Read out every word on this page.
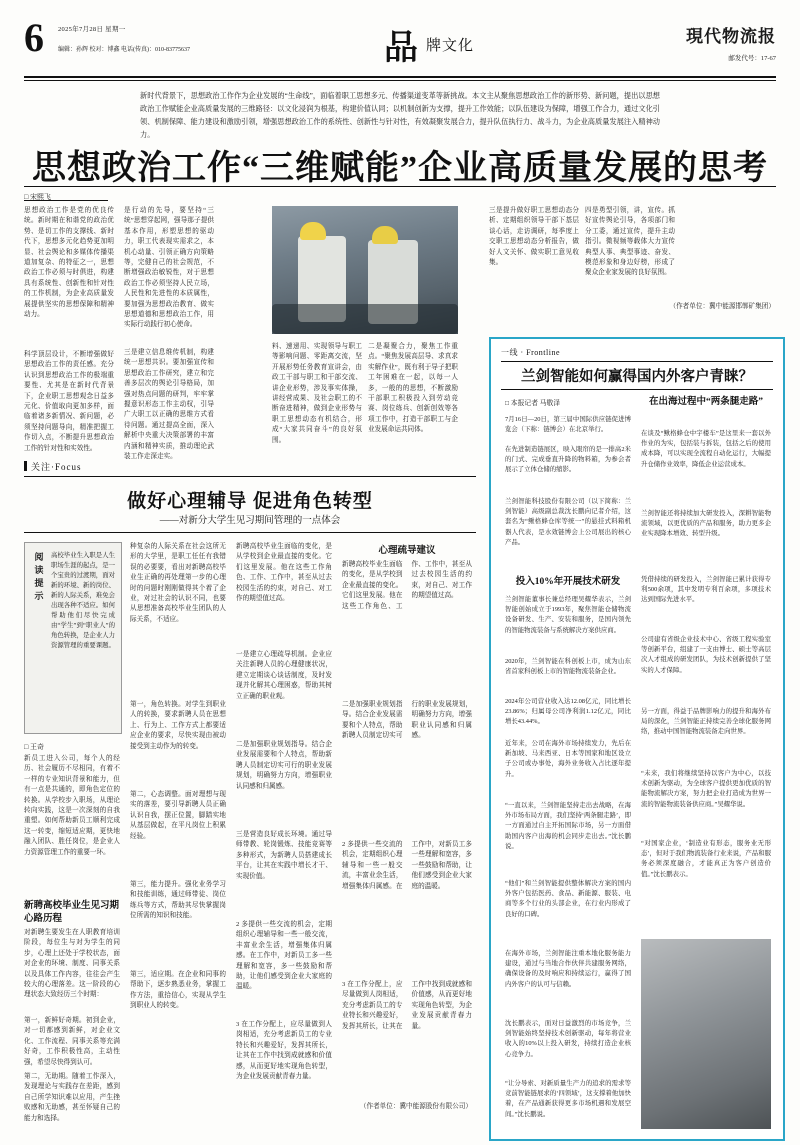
6 2025年7月28日 星期一
编辑：孙辉 校对：博鑫 电话(传真)：010-83775637	品 牌文化	現代物流报
邮发代号：17-67
新时代背景下，思想政治工作作为企业发展的“生命线”，面临着职工思想多元、传播渠道变革等新挑战。本文主从聚焦思想政治工作的新形势、新问题，提出以思想政治工作赋能企业高质量发展的三维路径：以文化浸润为根基，构建价值认同；以机制创新为支撑，提升工作效能；以队伍建设为保障，增强工作合力，通过文化引领、机制保障、能力建设和激励引领，增强思想政治工作的系统性、创新性与针对性，有效凝聚发展合力，提升队伍执行力、战斗力，为企业高质量发展注入精神动力。
思想政治工作“三维赋能”企业高质量发展的思考
□ 宋熙飞
思想政治工作是党的优良传统。新时期在和谐党的政治优势、是切工作的支撑线、新时代下，思想多元化趋势更加明显、社会舆论和多媒体传播渠道加复杂、的特征之一，思想政治工作必须与时俱进，构建具有系统性、创新性和针对性的工作机制，为企业高质量发展提供坚实的思想保障和精神动力。
科学顶层设计，不断增强做好思想政治工作的责任感。充分认识到思想政治工作的极端重要性、尤其是在新时代背景下，企业职工思想观念日益多元化、价值取向更加多样，面临着诸多新情况、新问题，必须坚持问题导向，精准把握工作切入点，不断提升思想政治工作的针对性和实效性。
是行动的先导，要坚持“三统”思想穿起网，强导那子提供基本作用，形塑思想的驱动力，职工代表现实需求之，本机心动量、引领正确方向策略等，完健自己的社会规范，不断增强政治敏锐性，对于思想政治工作必须坚持人民立场，人民性和先进性的本质属性，要加强为思想政治教育、做实思想道德和思想政治工作，用实际行动践行初心使命。
三是建立信息维传机制，构建统一思想共识。要加强宣传和思想政治工作研究，建立和完善多层次的舆论引导格局，加强对热点问题的研判，牢牢掌握意识形态工作主动权，引导广大职工以正确的思维方式看待问题。通过提高全面，深入解析中央重大决策部署的丰富内涵和精神实质，推动理论武装工作走深走实。
料、速递用、实现领导与职工等影响问题、零距离交流，坚开展形势任务教育宣讲会，由政工干部与职工和干部交流、讲企业形势，涉及事实体操，讲经营成果、及社会职工的不断奋进精神，做到企业形势与职工思想动态有机结合，形成“大家共同奋斗”的良好氛围。
二是凝聚合力，聚焦工作重点。“聚焦发展高层导、求真求实解作业”，既有利于导子把职工年困难在一起，以每一人多，一般的的思想，不断激励干部职工积极投入到劳动竞赛、岗位练兵、创新创效等各项工作中，打造干部职工与企业发展命运共同体。
三是提升做好职工思想动态分析、定期组织领导干部下基层谈心话，走访调研，每季度上交职工思想动态分析报告，做好人文关怀、做实职工意见收集。
四是勇型引领，讲，宣传。抓好宣传舆论引导，各项部门和分工委，通过宣传，提升主动指引。微视频等载体大力宣传典型人事、典型事迹、奋发、模范形象和身边好榜，形成了聚众企业家发展的良好氛围。
（作者单位：冀中能源邯郸矿集团）
关注·Focus
做好心理辅导 促进角色转型
——对新分大学生见习期间管理的一点体会
阅读提示
高校毕业生入职是人生职场生涯的起点，是一个宝贵的过渡期，面对新的环境、新的岗位、新的人际关系，难免会出现各种不适应。如何帮助他们尽快完成由“学生”到“职业人”的角色转换，是企业人力资源管理的重要课题。
□ 王奇
新员工进入公司，每个人的经历、社会履历不尽相同，有着不一样的专业知识背景和能力，但有一点是共通的，即角色定位的转换。从学校步入职场，从理论转向实践，这是一次深刻的自我重塑。如何帮助新员工顺利完成这一转变，缩短适应期，更快地融入团队、胜任岗位，是企业人力资源管理工作的重要一环。
新聘高校毕业生见习期心路历程
对新聘生要发生在人职教育培训阶段，每位生与对为学生的同步，心理上还处于学校状态，面对企业的环境、制度、同事关系以及具体工作内容，往往会产生较大的心理落差。这一阶段的心理状态大致经历三个时期：
第一，新鲜好奇期。初到企业，对一切都感到新鲜，对企业文化、工作流程、同事关系等充满好奇，工作积极性高，主动性强，希望尽快得到认可。
第二，无助期。随着工作深入，发现理论与实践存在差距，感到自己所学知识难以应用，产生挫败感和无助感，甚至怀疑自己的能力和选择。
种复杂的人际关系在社会这所无形的大学里，是职工任任有我错误的必要要，看出对新聘高校毕业生正确的再处理第一步的心理时的问题时刚刚做得其个着了企业，对过社会的认识不同，也要从思想准备高校毕业生团队的人际关系，不适应。
第一，角色转换。对学生到职业人的转换，要求新聘人员在思想上、行为上、工作方式上都要适应企业的要求，尽快实现由被动接受到主动作为的转变。
第二，心态调整。面对理想与现实的落差，要引导新聘人员正确认识自我，摆正位置，脚踏实地从基层做起，在平凡岗位上积累经验。
第三，能力提升。强化业务学习和技能训练，通过师带徒、岗位练兵等方式，帮助其尽快掌握岗位所需的知识和技能。
第三，适应期。在企业和同事的帮助下，逐步熟悉业务，掌握工作方法，重拾信心，实现从学生到职业人的转变。
新聘高校毕业生面临的变化，是从学校到企业最直接的变化。它们这里发展。他在这些工作角色、工作、工作中，甚至从过去校园生活的约束，对自己、对工作的期望值过高。
一是建立心理疏导机制。企业应关注新聘人员的心理健康状况，建立定期谈心谈话制度，及时发现并化解其心理困惑，帮助其树立正确的职业观。
二是加强职业规划指导。结合企业发展需要和个人特点，帮助新聘人员制定切实可行的职业发展规划，明确努力方向，增强职业认同感和归属感。
三是营造良好成长环境。通过导师带教、轮岗锻炼、技能竞赛等多种形式，为新聘人员搭建成长平台，让其在实践中增长才干、实现价值。
2 多提供一些交流的机会，定期组织心理辅导和一些一般交流，丰富业余生活，增强集体归属感。在工作中，对新员工多一些理解和宽容，多一些鼓励和帮助，让他们感受到企业大家庭的温暖。
3 在工作分配上，应尽量做到人岗相适，充分考虑新员工的专业特长和兴趣爱好，发挥其所长，让其在工作中找到成就感和价值感，从而更好地实现角色转型，为企业发展贡献青春力量。
心理疏导建议
新聘高校毕业生面临的变化，是从学校到企业最直接的变化。它们这里发展。他在这些工作角色、工作、工作中，甚至从过去校园生活的约束，对自己、对工作的期望值过高。
二是加强职业规划指导。结合企业发展需要和个人特点，帮助新聘人员制定切实可行的职业发展规划，明确努力方向，增强职业认同感和归属感。
2 多提供一些交流的机会，定期组织心理辅导和一些一般交流，丰富业余生活，增强集体归属感。在工作中，对新员工多一些理解和宽容，多一些鼓励和帮助，让他们感受到企业大家庭的温暖。
3 在工作分配上，应尽量做到人岗相适，充分考虑新员工的专业特长和兴趣爱好，发挥其所长，让其在工作中找到成就感和价值感，从而更好地实现角色转型，为企业发展贡献青春力量。
（作者单位：冀中能源股份有限公司）
一线 · Frontline
兰剑智能如何赢得国内外客户青睐？
□ 本报记者 马敬泽	在出海过程中“两条腿走路”
7月16日—20日，第三届中国际供应链促进博览会（下称：链博会）在北京举行。
在先进制造链展区，映入眼帘的是一排高2米的门式、完成垂直升降的物料箱，为参会者展示了立体仓储的缩影。
兰剑智能科技股份有限公司（以下简称：兰剑智能）高级副总裁沈长鹏向记者介绍，这套名为“鳅格蜂仓库等统一”的悬挂式料箱机器人代表，是水效链博会上公司展出的核心产品。
在谈及“鳅格蜂仓中宇楼车”是这里来一套以外作业的为实，包括装与拆装，包括之后的使用成本降，可以实现全流程自动化运行，大幅提升仓储作业效率，降低企业运营成本。
兰剑智能还将持续加大研发投入，深耕智能物流领域，以更优质的产品和服务，助力更多企业实现降本增效、转型升级。
投入10%年开展技术研发
兰剑智能董事长兼总经理吴耀华表示，兰剑智能创始成立于1993年，聚焦智能仓储物流设备研发、生产、安装和服务，是国内领先的智能物流装备与系统解决方案供应商。
2020年，兰剑智能在科创板上市，成为山东省首家科创板上市的智能物流装备企业。
2024年公司营业收入达12.08亿元，同比增长23.86%；归属母公司净利润1.12亿元，同比增长43.44%。
近年来，公司在海外市场持续发力，先后在新加坡、马来西亚、日本等国家和地区设立子公司或办事处，海外业务收入占比逐年提升。
“一直以来，兰剑智能坚持走出去战略，在海外市场布局方面，我们坚持‘两条腿走路’，即一方面通过自主开拓国际市场，另一方面借助国内客户出海的机会同步走出去。”沈长鹏说。
“他们”和兰剑智能提供整体解决方案的国内外客户包括医药、食品、新能源、服装、电商等多个行业的头部企业，在行业内形成了良好的口碑。
在海外市场，兰剑智能注重本地化服务能力建设，通过与当地合作伙伴共建服务网络，确保设备的及时响应和持续运行，赢得了国内外客户的认可与信赖。
沈长鹏表示，面对日益激烈的市场竞争，兰剑智能始终坚持技术创新驱动，每年将营业收入的10%以上投入研发，持续打造企业核心竞争力。
凭借持续的研发投入，兰剑智能已累计获得专利500余项，其中发明专利百余项，多项技术达到国际先进水平。
公司建有省级企业技术中心、省级工程实验室等创新平台，组建了一支由博士、硕士等高层次人才组成的研发团队，为技术创新提供了坚实的人才保障。
另一方面，得益于品牌影响力的提升和海外布局的深化，兰剑智能正持续完善全球化服务网络，推动中国智能物流装备走向世界。
“未来，我们将继续坚持以客户为中心，以技术创新为驱动，为全球客户提供更加优质的智能物流解决方案，努力把企业打造成为世界一流的智能物流装备供应商。”吴耀华说。
“对国家企业，‘制造业有形态，服务业无形态’，但对于我们物流装备行业来说，产品和服务必须深度融合，才能真正为客户创造价值。”沈长鹏表示。
“让分导索、对新质量生产力的追求的需求等竞前智能链展求的‘四领域’，这支撑着他加快着，在产品通新获得更多市场机遇和发展空间。”沈长鹏说。
